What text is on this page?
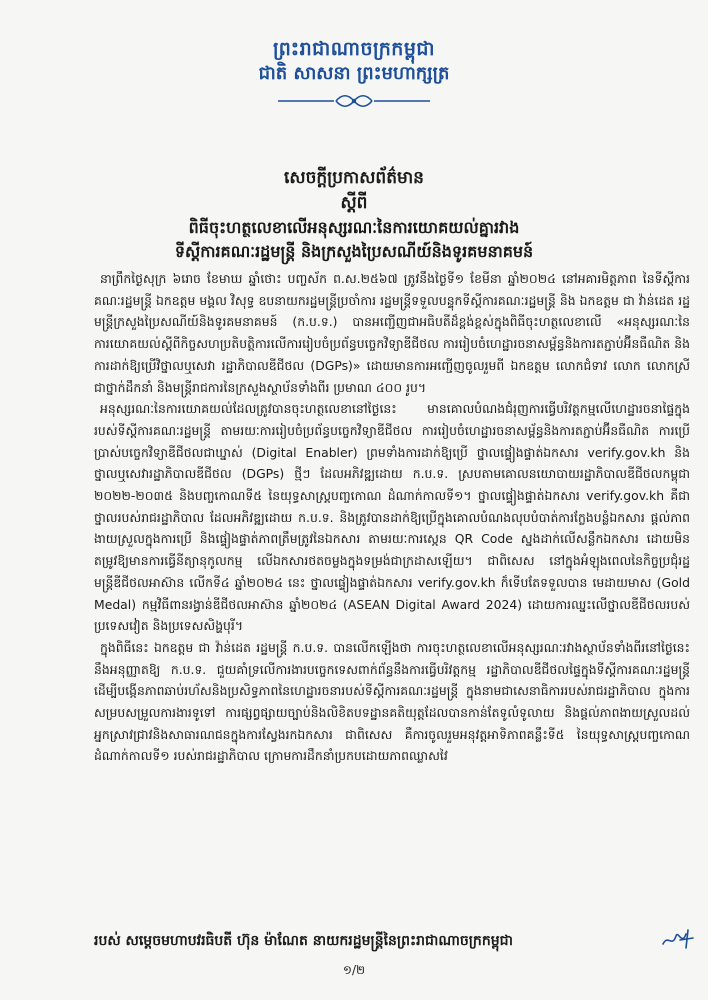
ព្រះរាជាណាចក្រកម្ពុជា
ជាតិ សាសនា ព្រះមហាក្សត្រ
សេចក្តីប្រកាសព័ត៌មាន
ស្តីពី
ពិធីចុះហត្ថលេខាលើអនុស្សរណៈនៃការយោគយល់គ្នារវាង
ទីស្តីការគណៈរដ្ឋមន្ត្រី និងក្រសួងប្រៃសណីយ៍និងទូរគមនាគមន៍

នាព្រឹកថ្ងៃសុក្រ ៦រោច ខែមាឃ ឆ្នាំថោះ បញ្ចស័ក ព.ស.២៥៦៧ ត្រូវនឹងថ្ងៃទី១ ខែមីនា ឆ្នាំ២០២៤ នៅអគារមិត្តភាព នៃទីស្តីការគណៈរដ្ឋមន្ត្រី ឯកឧត្តម មង្គល វិសុទ្ធ ឧបនាយករដ្ឋមន្ត្រីប្រចាំការ រដ្ឋមន្ត្រីទទួលបន្ទុកទីស្តីការគណៈរដ្ឋមន្ត្រី និង ឯកឧត្តម ជា វ៉ាន់ដេត រដ្ឋមន្ត្រីក្រសួងប្រៃសណីយ៍និងទូរគមនាគមន៍ (ក.ប.ទ.) បានអញ្ជើញជាអធិបតីដ៏ខ្ពង់ខ្ពស់ក្នុងពិធីចុះហត្ថលេខាលើ «អនុស្សរណៈនៃការយោគយល់ស្តីពីកិច្ចសហប្រតិបត្តិការលើការរៀបចំប្រព័ន្ធបច្ចេកវិទ្យាឌីជីថល ការរៀបចំហេដ្ឋារចនាសម្ព័ន្ធនិងការតភ្ជាប់អ៊ីនធឺណិត និងការដាក់ឱ្យប្រើវិថ្នាលឬសេវា រដ្ឋាភិបាលឌីជីថល (DGPs)» ដោយមានការអញ្ជើញចូលរួមពី ឯកឧត្តម លោកជំទាវ លោក លោកស្រី ជាថ្នាក់ដឹកនាំ និងមន្ត្រីរាជការនៃក្រសួងស្ថាប័នទាំងពីរ ប្រមាណ ៤០០ រូប។

អនុស្សរណៈនៃការយោគយល់ដែលត្រូវបានចុះហត្ថលេខានៅថ្ងៃនេះ មានគោលបំណងជំរុញការធ្វើបរិវត្តកម្មលើហេដ្ឋារចនាផ្ទៃក្នុងរបស់ទីស្តីការគណៈរដ្ឋមន្ត្រី តាមរយៈការរៀបចំប្រព័ន្ធបច្ចេកវិទ្យាឌីជីថល ការរៀបចំហេដ្ឋារចនាសម្ព័ន្ធនិងការតភ្ជាប់អ៊ីនធឺណិត ការប្រើប្រាស់បច្ចេកវិទ្យាឌីជីថលជាឃ្នាស់ (Digital Enabler) ព្រមទាំងការដាក់ឱ្យប្រើ ថ្នាលផ្ទៀងផ្ទាត់ឯកសារ verify.gov.kh និង ថ្នាលឬសេវារដ្ឋាភិបាលឌីជីថល (DGPs) ថ្មីៗ ដែលអភិវឌ្ឍដោយ ក.ប.ទ. ស្របតាមគោលនយោបាយរដ្ឋាភិបាលឌីជីថលកម្ពុជា ២០២២-២០៣៥ និងបញ្ចកោណទី៥ នៃយុទ្ធសាស្ត្របញ្ចកោណ ដំណាក់កាលទី១។ ថ្នាលផ្ទៀងផ្ទាត់ឯកសារ verify.gov.kh គឺជាថ្នាលរបស់រាជរដ្ឋាភិបាល ដែលអភិវឌ្ឍដោយ ក.ប.ទ. និងត្រូវបានដាក់ឱ្យប្រើក្នុងគោលបំណងលុបបំបាត់ការក្លែងបន្លំឯកសារ ផ្តល់ភាពងាយស្រួលក្នុងការប្រើ និងផ្ទៀងផ្ទាត់ភាពត្រឹមត្រូវនៃឯកសារ តាមរយៈការស្កេន QR Code ស្នងដាក់លើសន្លឹកឯកសារ ដោយមិនតម្រូវឱ្យមានការធ្វើនីត្យានុកូលកម្ម លើឯកសារថតចម្លងក្នុងទម្រង់ជាក្រដាសឡើយ។ ជាពិសេស នៅក្នុងអំឡុងពេលនៃកិច្ចប្រជុំរដ្ឋមន្ត្រីឌីជីថលអាស៊ាន លើកទី៤ ឆ្នាំ២០២៤ នេះ ថ្នាលផ្ទៀងផ្ទាត់ឯកសារ verify.gov.kh ក៏ទើបតែទទួលបាន មេដាយមាស (Gold Medal) កម្មវិធីពានរង្វាន់ឌីជីថលអាស៊ាន ឆ្នាំ២០២៤ (ASEAN Digital Award 2024) ដោយការឈ្នះលើថ្នាលឌីជីថលរបស់ប្រទេសវៀត និងប្រទេសសិង្ហបុរី។

ក្នុងពិធីនេះ ឯកឧត្តម ជា វ៉ាន់ដេត រដ្ឋមន្ត្រី ក.ប.ទ. បានលើកឡើងថា ការចុះហត្ថលេខាលើអនុស្សរណៈរវាងស្ថាប័នទាំងពីរនៅថ្ងៃនេះ នឹងអនុញ្ញាតឱ្យ ក.ប.ទ. ជួយគាំទ្រលើការងារបច្ចេកទេសពាក់ព័ន្ធនឹងការធ្វើបរិវត្តកម្ម រដ្ឋាភិបាលឌីជីថលផ្ទៃក្នុងទីស្តីការគណៈរដ្ឋមន្ត្រី ដើម្បីបង្កើនភាពឆាប់រហ័សនិងប្រសិទ្ធភាពនៃហេដ្ឋារចនារបស់ទីស្តីការគណៈរដ្ឋមន្ត្រី ក្នុងនាមជាសេនាធិការរបស់រាជរដ្ឋាភិបាល ក្នុងការសម្របសម្រួលការងារទូទៅ ការផ្សព្វផ្សាយច្បាប់និងលិខិតបទដ្ឋានគតិយុត្តដែលបានកាន់តែទូលំទូលាយ និងផ្តល់ភាពងាយស្រួលដល់អ្នកស្រាវជ្រាវនិងសាធារណជនក្នុងការស្វែងរកឯកសារ ជាពិសេស គឺការចូលរួមអនុវត្តអាទិភាពគន្លឹះទី៥ នៃយុទ្ធសាស្ត្របញ្ចកោណ ដំណាក់កាលទី១ របស់រាជរដ្ឋាភិបាល ក្រោមការដឹកនាំប្រកបដោយភាពឈ្លាសវៃ

របស់ សម្តេចមហាបវរធិបតី ហ៊ុន ម៉ាណែត នាយករដ្ឋមន្ត្រីនៃព្រះរាជាណាចក្រកម្ពុជា
១/២
